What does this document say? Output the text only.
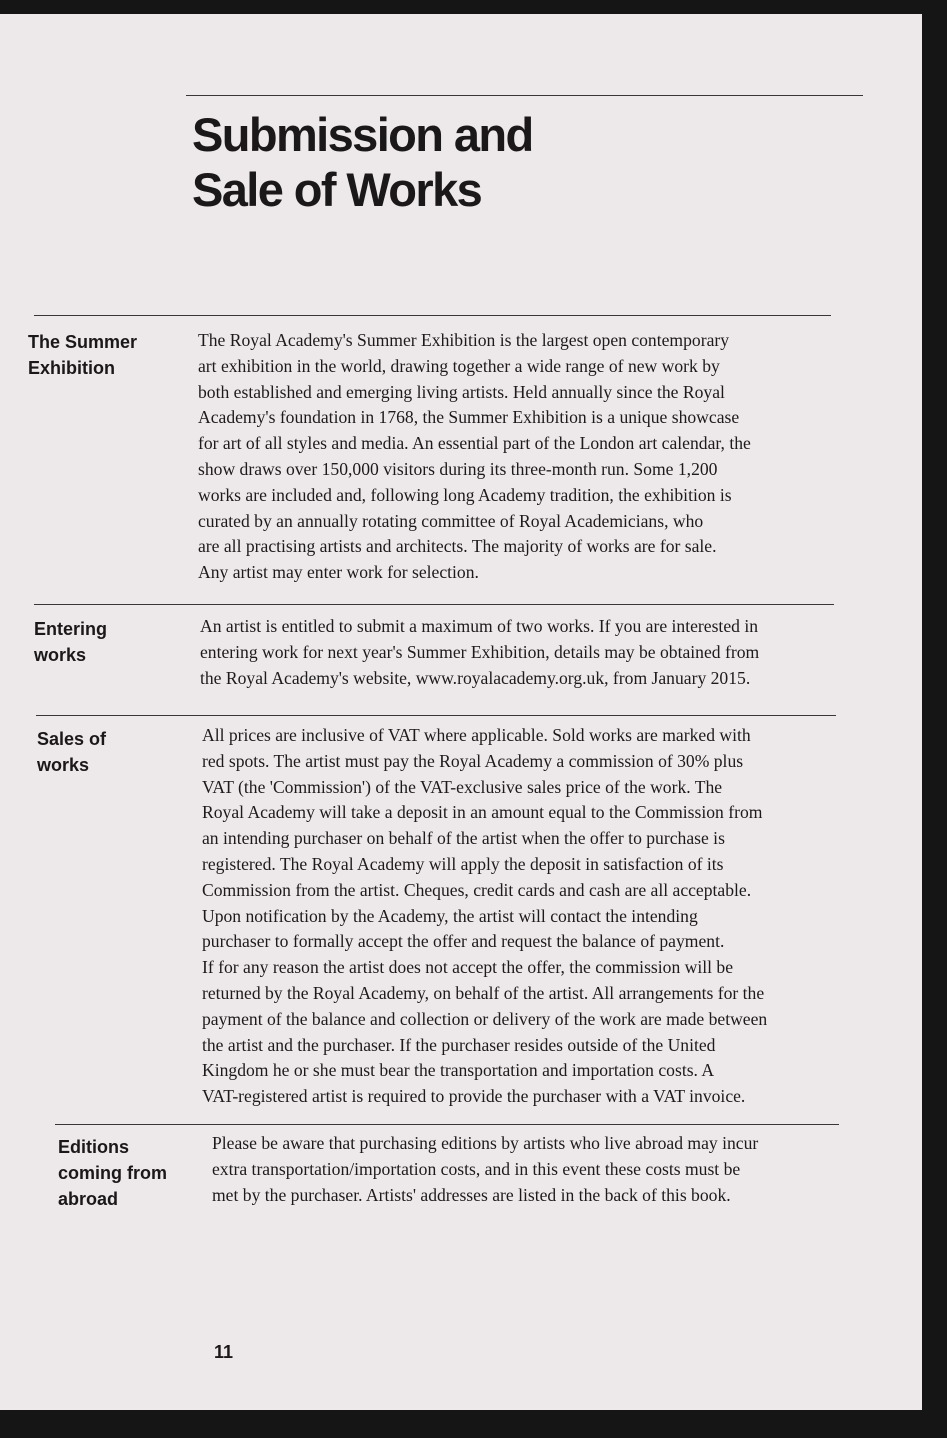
Submission and
Sale of Works
The Summer
Exhibition
The Royal Academy's Summer Exhibition is the largest open contemporary
art exhibition in the world, drawing together a wide range of new work by
both established and emerging living artists. Held annually since the Royal
Academy's foundation in 1768, the Summer Exhibition is a unique showcase
for art of all styles and media. An essential part of the London art calendar, the
show draws over 150,000 visitors during its three-month run. Some 1,200
works are included and, following long Academy tradition, the exhibition is
curated by an annually rotating committee of Royal Academicians, who
are all practising artists and architects. The majority of works are for sale.
Any artist may enter work for selection.
Entering
works
An artist is entitled to submit a maximum of two works. If you are interested in
entering work for next year's Summer Exhibition, details may be obtained from
the Royal Academy's website, www.royalacademy.org.uk, from January 2015.
Sales of
works
All prices are inclusive of VAT where applicable. Sold works are marked with
red spots. The artist must pay the Royal Academy a commission of 30% plus
VAT (the 'Commission') of the VAT-exclusive sales price of the work. The
Royal Academy will take a deposit in an amount equal to the Commission from
an intending purchaser on behalf of the artist when the offer to purchase is
registered. The Royal Academy will apply the deposit in satisfaction of its
Commission from the artist. Cheques, credit cards and cash are all acceptable.
Upon notification by the Academy, the artist will contact the intending
purchaser to formally accept the offer and request the balance of payment.
If for any reason the artist does not accept the offer, the commission will be
returned by the Royal Academy, on behalf of the artist. All arrangements for the
payment of the balance and collection or delivery of the work are made between
the artist and the purchaser. If the purchaser resides outside of the United
Kingdom he or she must bear the transportation and importation costs. A
VAT-registered artist is required to provide the purchaser with a VAT invoice.
Editions
coming from
abroad
Please be aware that purchasing editions by artists who live abroad may incur
extra transportation/importation costs, and in this event these costs must be
met by the purchaser. Artists' addresses are listed in the back of this book.
11
